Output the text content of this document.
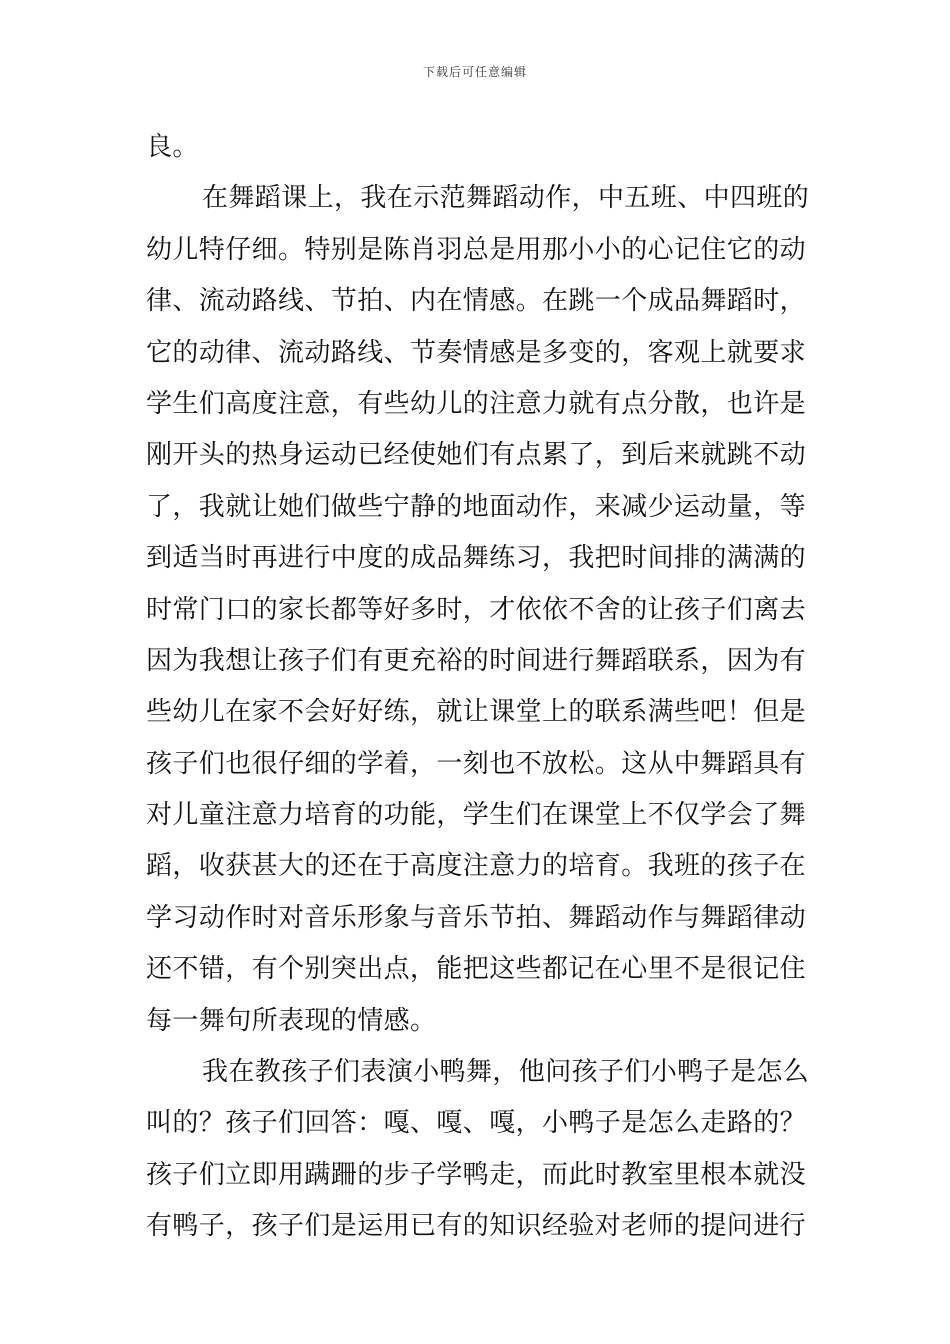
下载后可任意编辑
良。
在舞蹈课上，我在示范舞蹈动作，中五班、中四班的
幼儿特仔细。特别是陈肖羽总是用那小小的心记住它的动
律、流动路线、节拍、内在情感。在跳一个成品舞蹈时，
它的动律、流动路线、节奏情感是多变的，客观上就要求
学生们高度注意，有些幼儿的注意力就有点分散，也许是
刚开头的热身运动已经使她们有点累了，到后来就跳不动
了，我就让她们做些宁静的地面动作，来减少运动量，等
到适当时再进行中度的成品舞练习，我把时间排的满满的
时常门口的家长都等好多时，才依依不舍的让孩子们离去
因为我想让孩子们有更充裕的时间进行舞蹈联系，因为有
些幼儿在家不会好好练，就让课堂上的联系满些吧！但是
孩子们也很仔细的学着，一刻也不放松。这从中舞蹈具有
对儿童注意力培育的功能，学生们在课堂上不仅学会了舞
蹈，收获甚大的还在于高度注意力的培育。我班的孩子在
学习动作时对音乐形象与音乐节拍、舞蹈动作与舞蹈律动
还不错，有个别突出点，能把这些都记在心里不是很记住
每一舞句所表现的情感。
我在教孩子们表演小鸭舞，他问孩子们小鸭子是怎么
叫的？孩子们回答：嘎、嘎、嘎，小鸭子是怎么走路的？
孩子们立即用蹒跚的步子学鸭走，而此时教室里根本就没
有鸭子，孩子们是运用已有的知识经验对老师的提问进行
